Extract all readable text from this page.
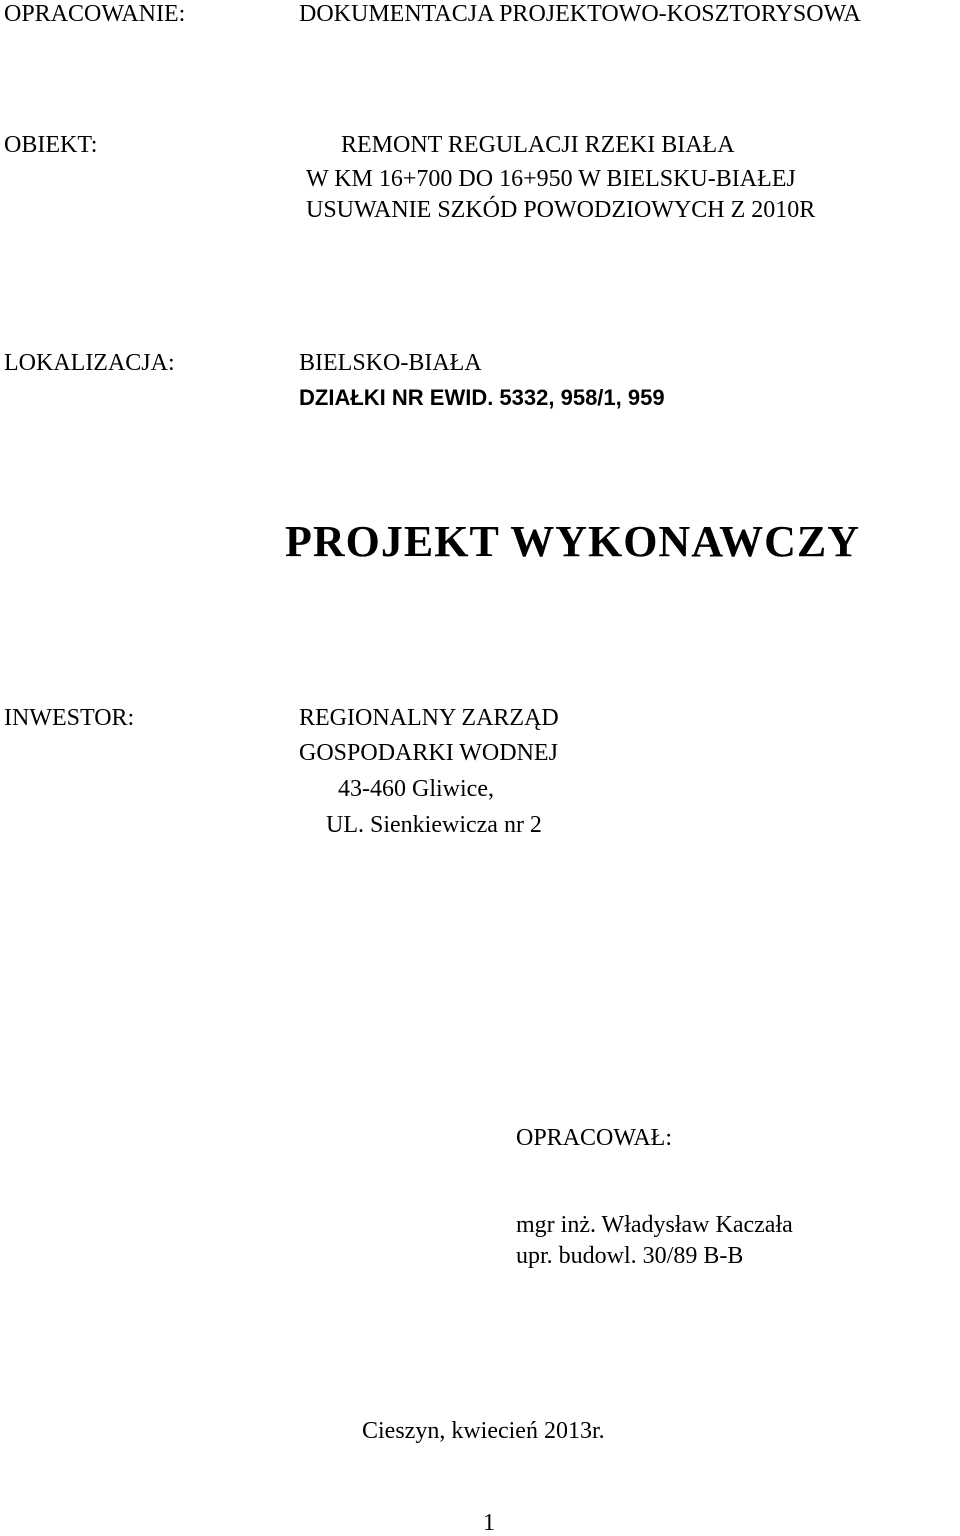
OPRACOWANIE:	DOKUMENTACJA PROJEKTOWO-KOSZTORYSOWA
OBIEKT:	REMONT REGULACJI RZEKI BIAŁA
W KM 16+700 DO 16+950 W BIELSKU-BIAŁEJ
USUWANIE SZKÓD POWODZIOWYCH Z 2010R
LOKALIZACJA:	BIELSKO-BIAŁA
DZIAŁKI NR EWID. 5332, 958/1, 959
PROJEKT WYKONAWCZY
INWESTOR:	REGIONALNY ZARZĄD
GOSPODARKI WODNEJ
43-460 Gliwice,
UL. Sienkiewicza nr 2
OPRACOWAŁ:
mgr inż. Władysław Kaczała
upr. budowl. 30/89 B-B
Cieszyn, kwiecień 2013r.
1
